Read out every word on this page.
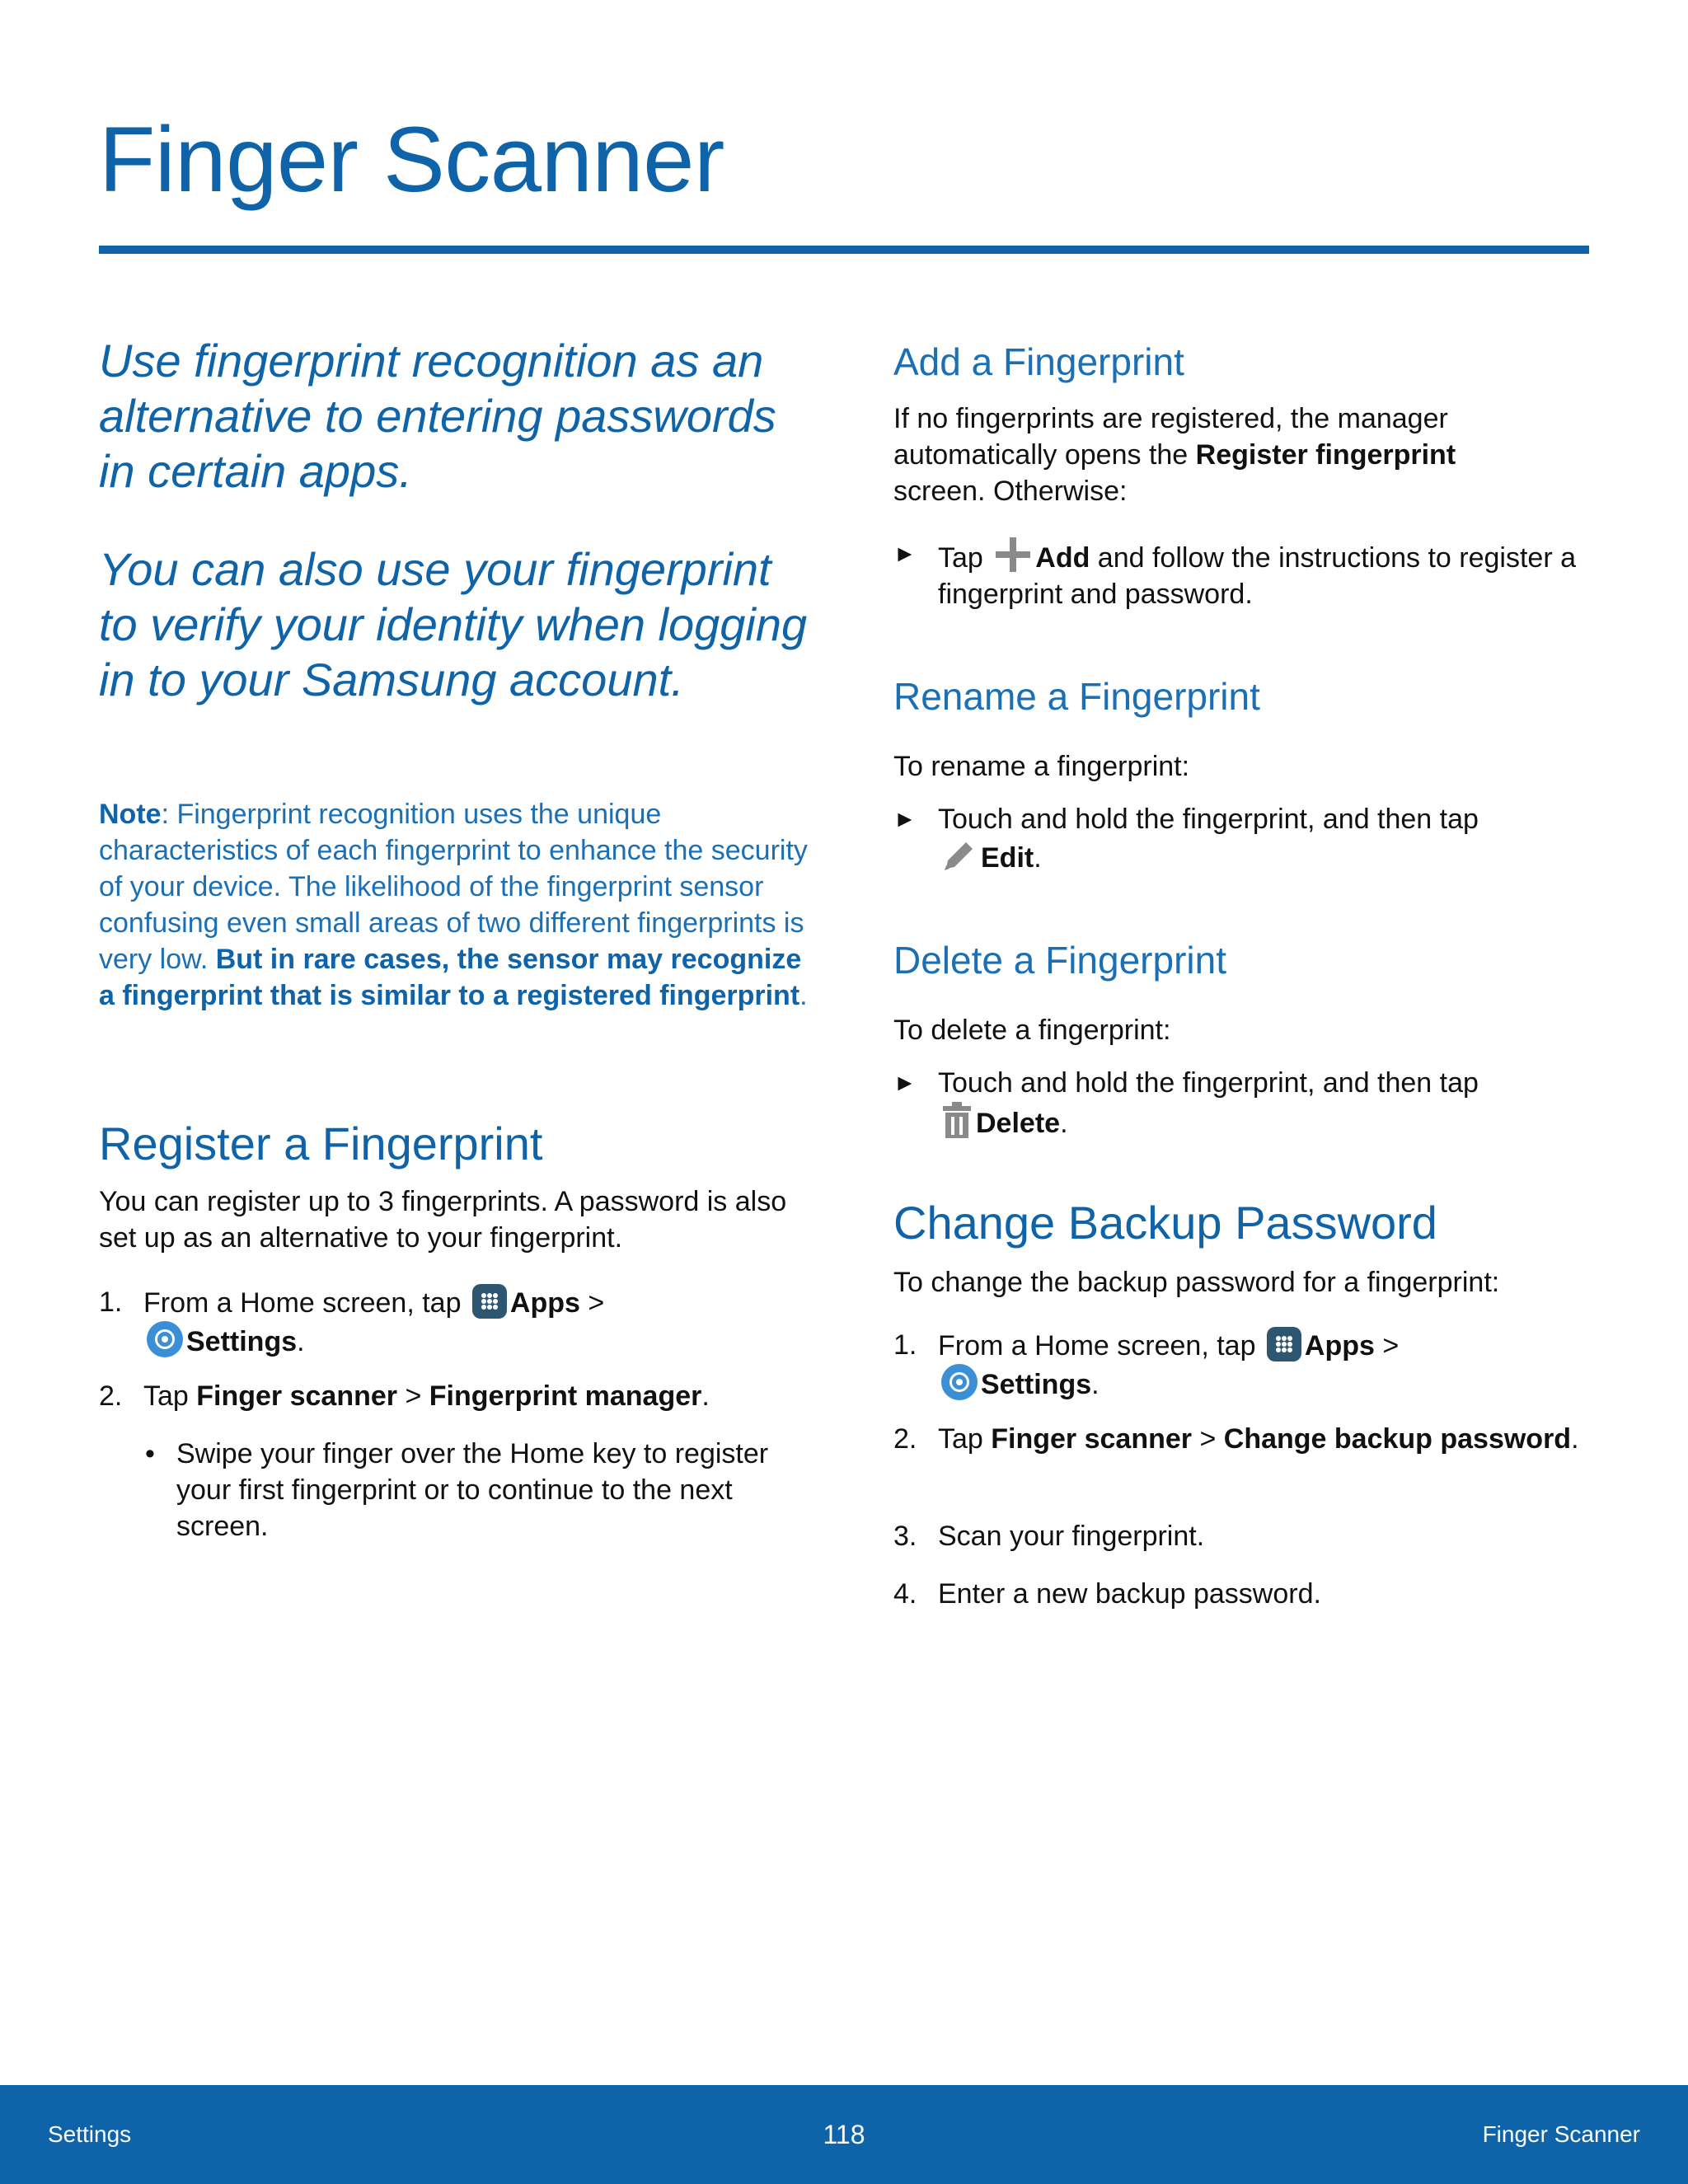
Finger Scanner

Use fingerprint recognition as an alternative to entering passwords in certain apps.

You can also use your fingerprint to verify your identity when logging in to your Samsung account.

Note: Fingerprint recognition uses the unique characteristics of each fingerprint to enhance the security of your device. The likelihood of the fingerprint sensor confusing even small areas of two different fingerprints is very low. But in rare cases, the sensor may recognize a fingerprint that is similar to a registered fingerprint.

Register a Fingerprint

You can register up to 3 fingerprints. A password is also set up as an alternative to your fingerprint.

1. From a Home screen, tap
Apps >
Settings.
2. Tap Finger scanner > Fingerprint manager.
• Swipe your finger over the Home key to register your first fingerprint or to continue to the next screen.
Add a Fingerprint

If no fingerprints are registered, the manager automatically opens the Register fingerprint screen. Otherwise:

► Tap Add and follow the instructions to register a fingerprint and password.
Rename a Fingerprint

To rename a fingerprint:

► Touch and hold the fingerprint, and then tap
Edit.
Delete a Fingerprint

To delete a fingerprint:

► Touch and hold the fingerprint, and then tap
Delete.
Change Backup Password

To change the backup password for a fingerprint:

1. From a Home screen, tap
Apps >
Settings.
2. Tap Finger scanner > Change backup password.
3. Scan your fingerprint.
4. Enter a new backup password.
Settings	118	Finger Scanner
